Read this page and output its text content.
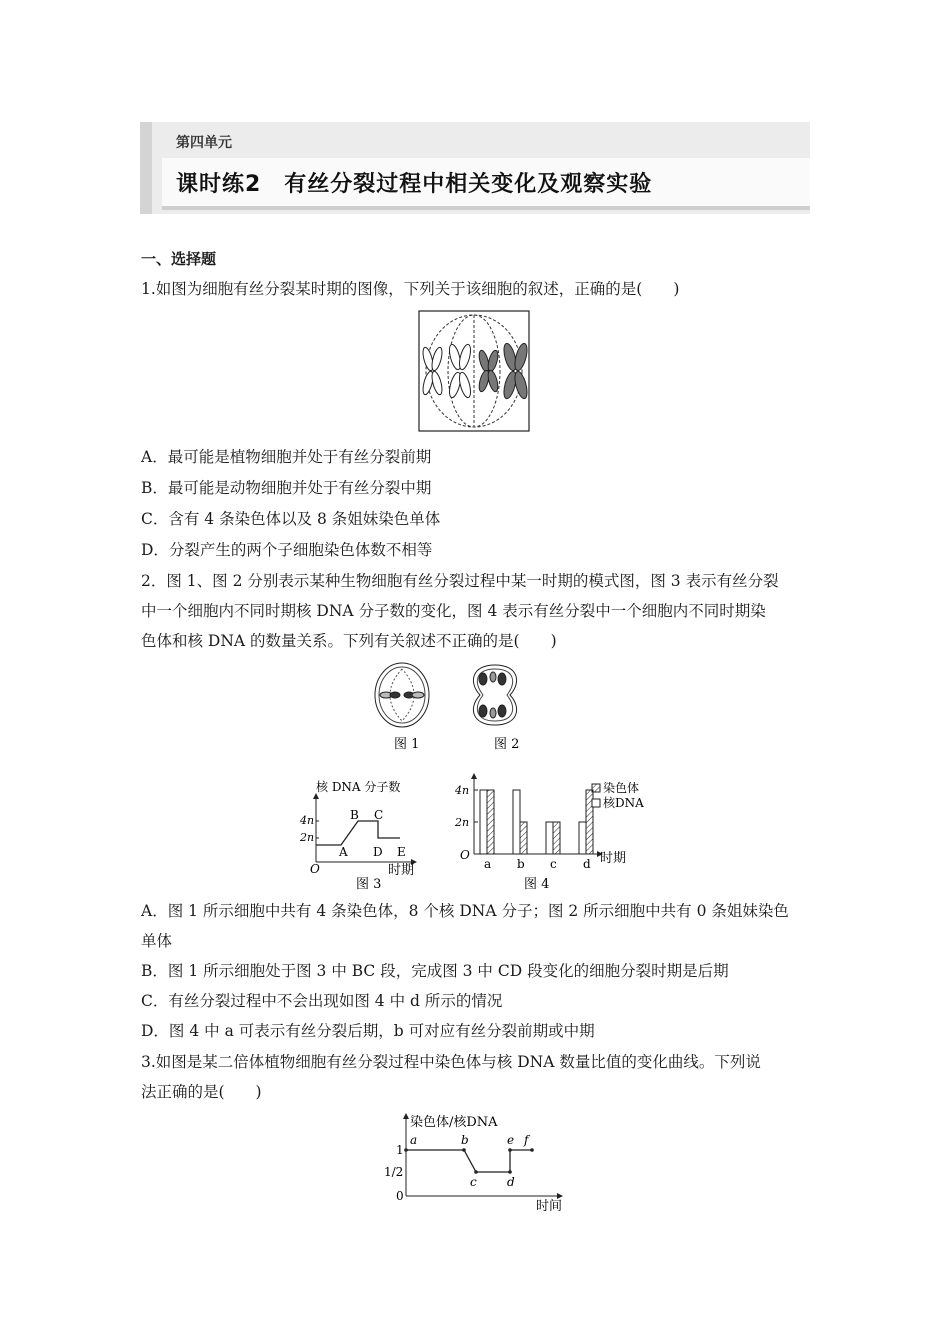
第四单元
课时练2　有丝分裂过程中相关变化及观察实验
一、选择题
1.如图为细胞有丝分裂某时期的图像，下列关于该细胞的叙述，正确的是(　　)
A．最可能是植物细胞并处于有丝分裂前期
B．最可能是动物细胞并处于有丝分裂中期
C．含有 4 条染色体以及 8 条姐妹染色单体
D．分裂产生的两个子细胞染色体数不相等
2．图 1、图 2 分别表示某种生物细胞有丝分裂过程中某一时期的模式图，图 3 表示有丝分裂
中一个细胞内不同时期核 DNA 分子数的变化，图 4 表示有丝分裂中一个细胞内不同时期染
色体和核 DNA 的数量关系。下列有关叙述不正确的是(　　)
图 1	图 2
核 DNA 分子数
4n
2n
A
B C
D E
O	时期
图 3
4n
2n
O
a b c d 时期
染色体
核DNA
图 4
A．图 1 所示细胞中共有 4 条染色体，8 个核 DNA 分子；图 2 所示细胞中共有 0 条姐妹染色
单体
B．图 1 所示细胞处于图 3 中 BC 段，完成图 3 中 CD 段变化的细胞分裂时期是后期
C．有丝分裂过程中不会出现如图 4 中 d 所示的情况
D．图 4 中 a 可表示有丝分裂后期，b 可对应有丝分裂前期或中期
3.如图是某二倍体植物细胞有丝分裂过程中染色体与核 DNA 数量比值的变化曲线。下列说
法正确的是(　　)
染色体/核DNA
1
1/2
0
a	b
c	d
e f
时间
